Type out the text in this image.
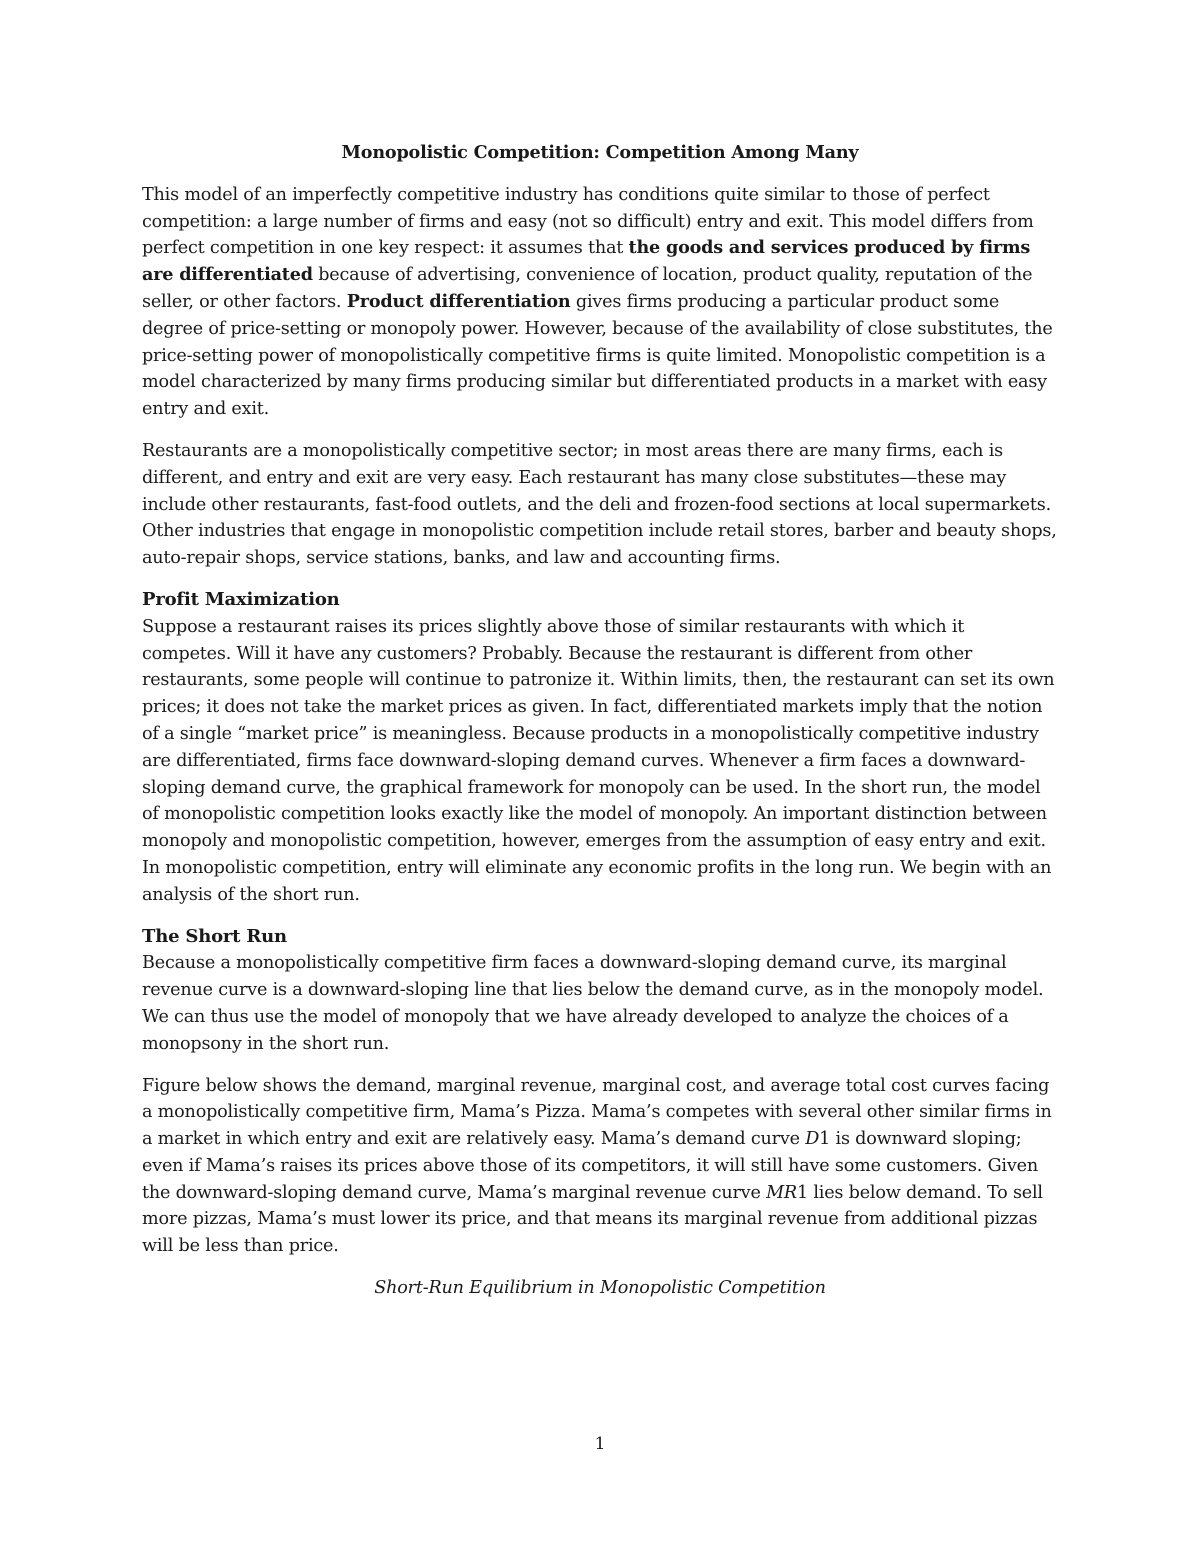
Monopolistic Competition: Competition Among Many

This model of an imperfectly competitive industry has conditions quite similar to those of perfect competition: a large number of firms and easy (not so difficult) entry and exit. This model differs from perfect competition in one key respect: it assumes that the goods and services produced by firms are differentiated because of advertising, convenience of location, product quality, reputation of the seller, or other factors. Product differentiation gives firms producing a particular product some degree of price-setting or monopoly power. However, because of the availability of close substitutes, the price-setting power of monopolistically competitive firms is quite limited. Monopolistic competition is a model characterized by many firms producing similar but differentiated products in a market with easy entry and exit.

Restaurants are a monopolistically competitive sector; in most areas there are many firms, each is different, and entry and exit are very easy. Each restaurant has many close substitutes—these may include other restaurants, fast-food outlets, and the deli and frozen-food sections at local supermarkets. Other industries that engage in monopolistic competition include retail stores, barber and beauty shops, auto-repair shops, service stations, banks, and law and accounting firms.

Profit Maximization

Suppose a restaurant raises its prices slightly above those of similar restaurants with which it competes. Will it have any customers? Probably. Because the restaurant is different from other restaurants, some people will continue to patronize it. Within limits, then, the restaurant can set its own prices; it does not take the market prices as given. In fact, differentiated markets imply that the notion of a single “market price” is meaningless. Because products in a monopolistically competitive industry are differentiated, firms face downward-sloping demand curves. Whenever a firm faces a downward-sloping demand curve, the graphical framework for monopoly can be used. In the short run, the model of monopolistic competition looks exactly like the model of monopoly. An important distinction between monopoly and monopolistic competition, however, emerges from the assumption of easy entry and exit. In monopolistic competition, entry will eliminate any economic profits in the long run. We begin with an analysis of the short run.

The Short Run

Because a monopolistically competitive firm faces a downward-sloping demand curve, its marginal revenue curve is a downward-sloping line that lies below the demand curve, as in the monopoly model. We can thus use the model of monopoly that we have already developed to analyze the choices of a monopsony in the short run.

Figure below shows the demand, marginal revenue, marginal cost, and average total cost curves facing a monopolistically competitive firm, Mama’s Pizza. Mama’s competes with several other similar firms in a market in which entry and exit are relatively easy. Mama’s demand curve D1 is downward sloping; even if Mama’s raises its prices above those of its competitors, it will still have some customers. Given the downward-sloping demand curve, Mama’s marginal revenue curve MR1 lies below demand. To sell more pizzas, Mama’s must lower its price, and that means its marginal revenue from additional pizzas will be less than price.

Short-Run Equilibrium in Monopolistic Competition
1
